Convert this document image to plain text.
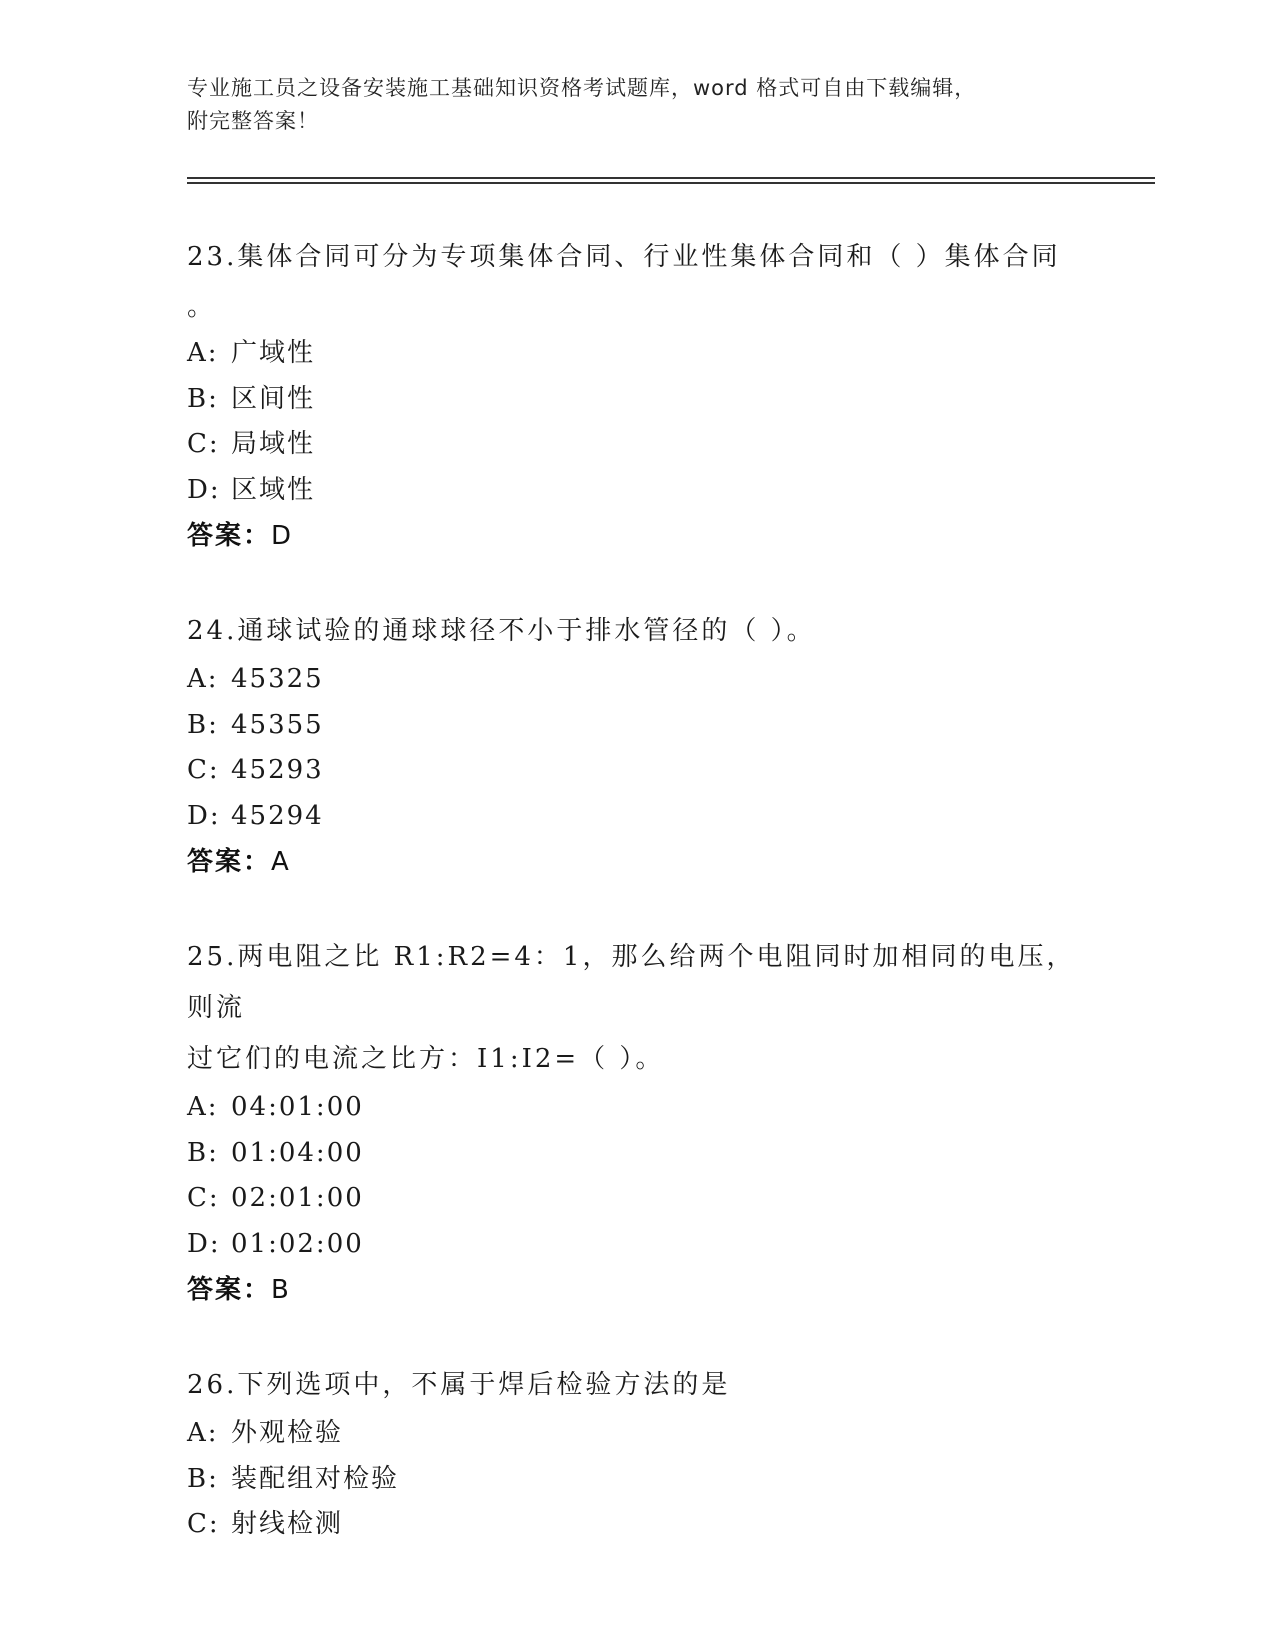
专业施工员之设备安装施工基础知识资格考试题库，word 格式可自由下载编辑，
附完整答案！
23.集体合同可分为专项集体合同、行业性集体合同和（ ）集体合同
。
A: 广域性
B: 区间性
C: 局域性
D: 区域性
答案：D
24.通球试验的通球球径不小于排水管径的（ ）。
A: 45325
B: 45355
C: 45293
D: 45294
答案：A
25.两电阻之比 R1:R2=4：1，那么给两个电阻同时加相同的电压，则流
过它们的电流之比方：I1:I2=（ ）。
A: 04:01:00
B: 01:04:00
C: 02:01:00
D: 01:02:00
答案：B
26.下列选项中，不属于焊后检验方法的是
A: 外观检验
B: 装配组对检验
C: 射线检测
